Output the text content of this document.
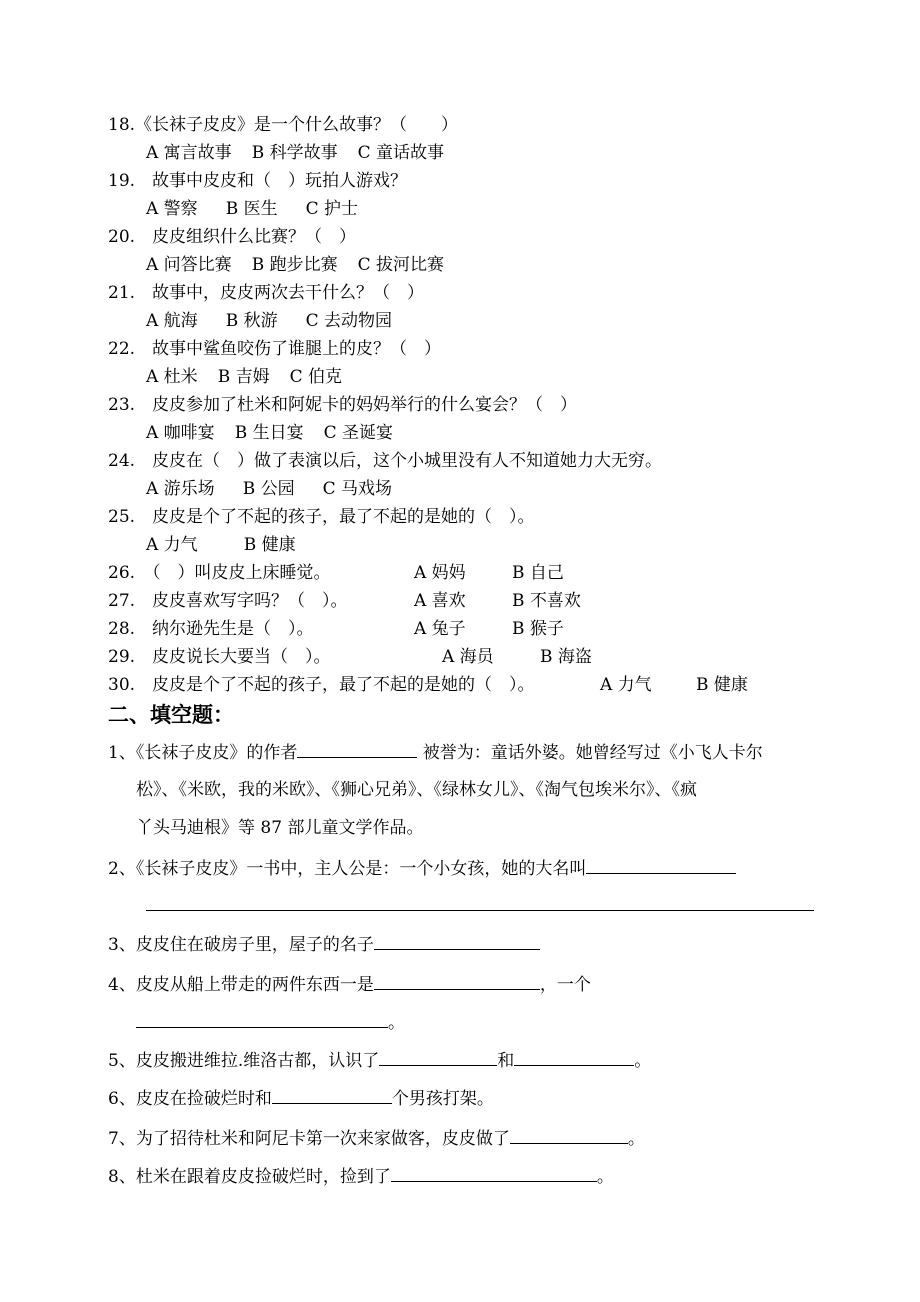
18.《长袜子皮皮》是一个什么故事？（　　）
A 寓言故事 B 科学故事 C 童话故事
19.　故事中皮皮和（　）玩拍人游戏？
A 警察 B 医生 C 护士
20.　皮皮组织什么比赛？（　）
A 问答比赛 B 跑步比赛 C 拔河比赛
21.　故事中，皮皮两次去干什么？（　）
A 航海 B 秋游 C 去动物园
22.　故事中鲨鱼咬伤了谁腿上的皮？（　）
A 杜米 B 吉姆 C 伯克
23.　皮皮参加了杜米和阿妮卡的妈妈举行的什么宴会？（　）
A 咖啡宴 B 生日宴 C 圣诞宴
24.　皮皮在（　）做了表演以后，这个小城里没有人不知道她力大无穷。
A 游乐场 B 公园 C 马戏场
25.　皮皮是个了不起的孩子，最了不起的是她的（　）。
A 力气	B 健康
26.　（　）叫皮皮上床睡觉。	A 妈妈	B 自己
27.　皮皮喜欢写字吗？（　）。	A 喜欢	B 不喜欢
28.　纳尔逊先生是（　）。	A 兔子	B 猴子
29.　皮皮说长大要当（　）。	A 海员	B 海盗
30.　皮皮是个了不起的孩子，最了不起的是她的（　）。	A 力气	B 健康
二、填空题：
1、《长袜子皮皮》的作者	被誉为：童话外婆。她曾经写过《小飞人卡尔
松》、《米欧，我的米欧》、《狮心兄弟》、《绿林女儿》、《淘气包埃米尔》、《疯
丫头马迪根》等 87 部儿童文学作品。
2、《长袜子皮皮》一书中，主人公是：一个小女孩，她的大名叫
3、皮皮住在破房子里，屋子的名子
4、皮皮从船上带走的两件东西一是	，一个
。
5、皮皮搬进维拉.维洛古都，认识了	和	。
6、皮皮在捡破烂时和	个男孩打架。
7、为了招待杜米和阿尼卡第一次来家做客，皮皮做了	。
8、杜米在跟着皮皮捡破烂时，捡到了	。
